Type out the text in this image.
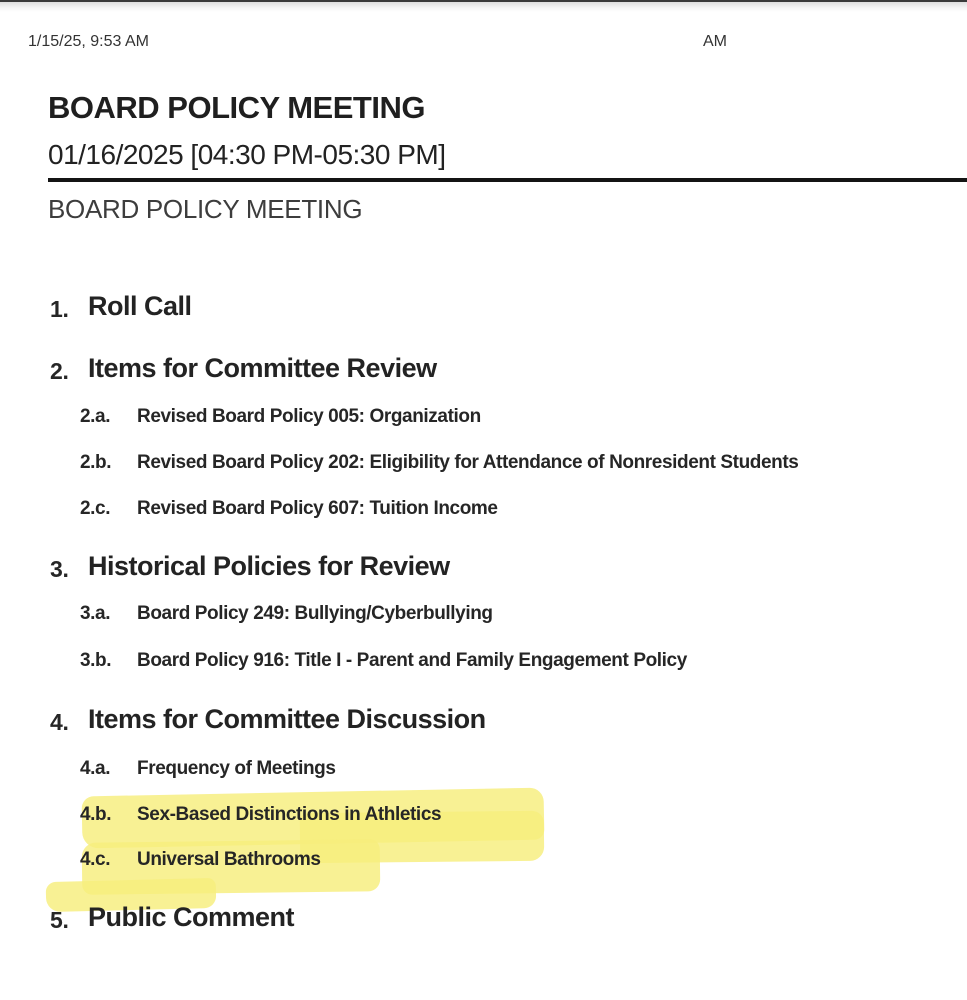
1/15/25, 9:53 AM	AM
BOARD POLICY MEETING
01/16/2025 [04:30 PM-05:30 PM]
BOARD POLICY MEETING
1. Roll Call
2. Items for Committee Review
2.a. Revised Board Policy 005: Organization
2.b. Revised Board Policy 202: Eligibility for Attendance of Nonresident Students
2.c. Revised Board Policy 607: Tuition Income
3. Historical Policies for Review
3.a. Board Policy 249: Bullying/Cyberbullying
3.b. Board Policy 916: Title I - Parent and Family Engagement Policy
4. Items for Committee Discussion
4.a. Frequency of Meetings
4.b. Sex-Based Distinctions in Athletics
4.c. Universal Bathrooms
5. Public Comment
